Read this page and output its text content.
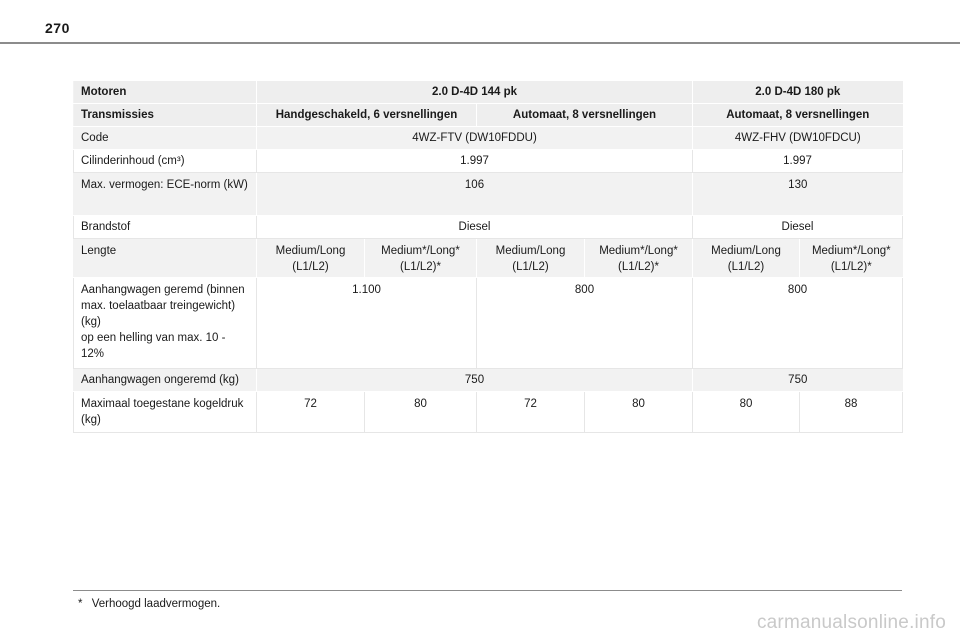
270
Motoren	2.0 D-4D 144 pk				2.0 D-4D 180 pk	
Transmissies	Handgeschakeld, 6 versnellingen		Automaat, 8 versnellingen		Automaat, 8 versnellingen	
Code	4WZ-FTV (DW10FDDU)				4WZ-FHV (DW10FDCU)	
Cilinderinhoud (cm³)	1.997				1.997	
Max. vermogen: ECE-norm (kW)	106				130	
Brandstof	Diesel				Diesel	
Lengte	Medium/Long (L1/L2)	Medium*/Long* (L1/L2)*	Medium/Long (L1/L2)	Medium*/Long* (L1/L2)*	Medium/Long (L1/L2)	Medium*/Long* (L1/L2)*

Aanhangwagen geremd (binnen max. toelaatbaar treingewicht) (kg)
op een helling van max. 10 - 12%	1.100		800		800	
Aanhangwagen ongeremd (kg)	750				750	
Maximaal toegestane kogeldruk (kg)	72	80	72	80	80	88
* Verhoogd laadvermogen.
carmanualsonline.info
